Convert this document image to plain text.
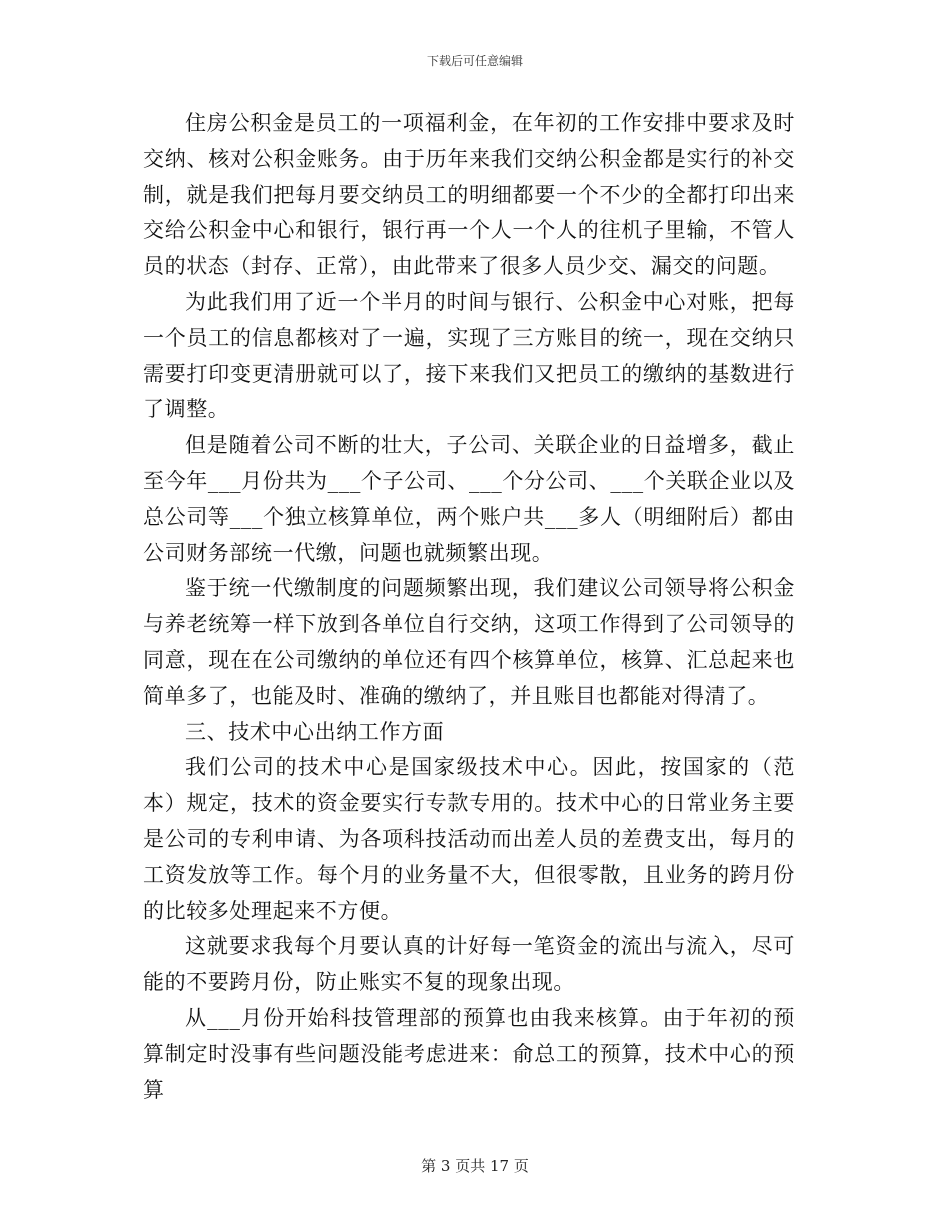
下载后可任意编辑

住房公积金是员工的一项福利金，在年初的工作安排中要求及时交纳、核对公积金账务。由于历年来我们交纳公积金都是实行的补交制，就是我们把每月要交纳员工的明细都要一个不少的全都打印出来交给公积金中心和银行，银行再一个人一个人的往机子里输，不管人员的状态（封存、正常），由此带来了很多人员少交、漏交的问题。

为此我们用了近一个半月的时间与银行、公积金中心对账，把每一个员工的信息都核对了一遍，实现了三方账目的统一，现在交纳只需要打印变更清册就可以了，接下来我们又把员工的缴纳的基数进行了调整。

但是随着公司不断的壮大，子公司、关联企业的日益增多，截止至今年___月份共为___个子公司、___个分公司、___个关联企业以及总公司等___个独立核算单位，两个账户共___多人（明细附后）都由公司财务部统一代缴，问题也就频繁出现。

鉴于统一代缴制度的问题频繁出现，我们建议公司领导将公积金与养老统筹一样下放到各单位自行交纳，这项工作得到了公司领导的同意，现在在公司缴纳的单位还有四个核算单位，核算、汇总起来也简单多了，也能及时、准确的缴纳了，并且账目也都能对得清了。

三、技术中心出纳工作方面

我们公司的技术中心是国家级技术中心。因此，按国家的（范本）规定，技术的资金要实行专款专用的。技术中心的日常业务主要是公司的专利申请、为各项科技活动而出差人员的差费支出，每月的工资发放等工作。每个月的业务量不大，但很零散，且业务的跨月份的比较多处理起来不方便。

这就要求我每个月要认真的计好每一笔资金的流出与流入，尽可能的不要跨月份，防止账实不复的现象出现。

从___月份开始科技管理部的预算也由我来核算。由于年初的预算制定时没事有些问题没能考虑进来：俞总工的预算，技术中心的预算

第 3 页共 17 页
